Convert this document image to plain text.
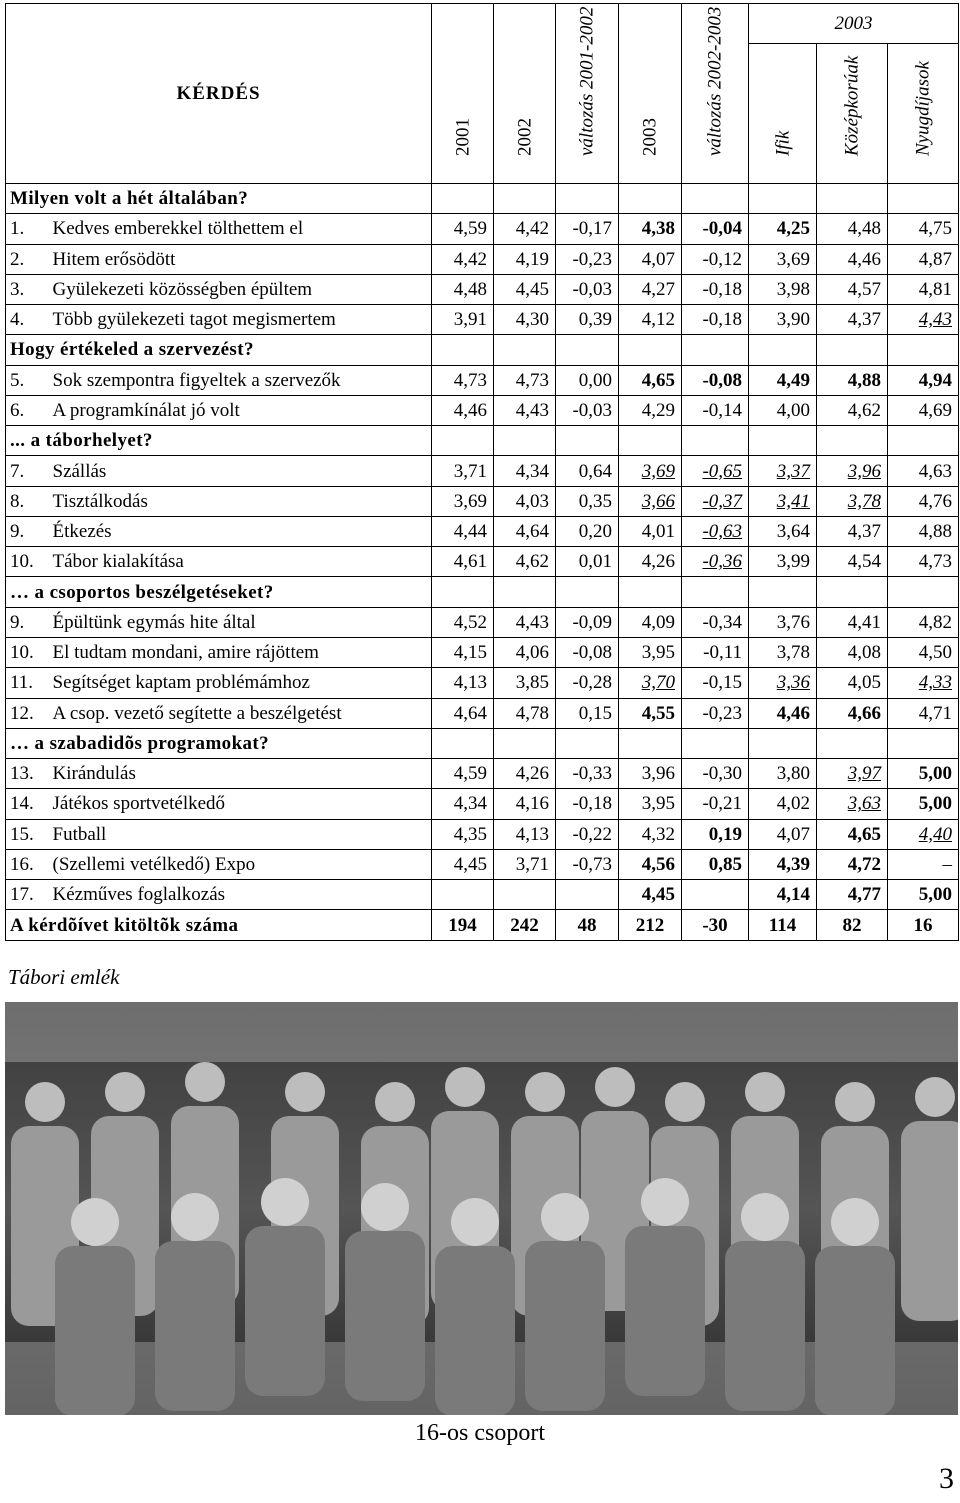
KÉRDÉS		2001	2002	változás 2001-2002	2003	változás 2002-2003	2003		

							Ifik	Középkorúak	Nyugdíjasok

Milyen volt a hét általában?									
1.	Kedves emberekkel tölthettem el	4,59	4,42	-0,17	4,38	-0,04	4,25	4,48	4,75
2.	Hitem erősödött	4,42	4,19	-0,23	4,07	-0,12	3,69	4,46	4,87
3.	Gyülekezeti közösségben épültem	4,48	4,45	-0,03	4,27	-0,18	3,98	4,57	4,81
4.	Több gyülekezeti tagot megismertem	3,91	4,30	0,39	4,12	-0,18	3,90	4,37	4,43
Hogy értékeled a szervezést?									
5.	Sok szempontra figyeltek a szervezők	4,73	4,73	0,00	4,65	-0,08	4,49	4,88	4,94
6.	A programkínálat jó volt	4,46	4,43	-0,03	4,29	-0,14	4,00	4,62	4,69
... a táborhelyet?									
7.	Szállás	3,71	4,34	0,64	3,69	-0,65	3,37	3,96	4,63
8.	Tisztálkodás	3,69	4,03	0,35	3,66	-0,37	3,41	3,78	4,76
9.	Étkezés	4,44	4,64	0,20	4,01	-0,63	3,64	4,37	4,88
10.	Tábor kialakítása	4,61	4,62	0,01	4,26	-0,36	3,99	4,54	4,73
… a csoportos beszélgetéseket?									
9.	Épültünk egymás hite által	4,52	4,43	-0,09	4,09	-0,34	3,76	4,41	4,82
10.	El tudtam mondani, amire rájöttem	4,15	4,06	-0,08	3,95	-0,11	3,78	4,08	4,50
11.	Segítséget kaptam problémámhoz	4,13	3,85	-0,28	3,70	-0,15	3,36	4,05	4,33
12.	A csop. vezető segítette a beszélgetést	4,64	4,78	0,15	4,55	-0,23	4,46	4,66	4,71
… a szabadidõs programokat?									
13.	Kirándulás	4,59	4,26	-0,33	3,96	-0,30	3,80	3,97	5,00
14.	Játékos sportvetélkedő	4,34	4,16	-0,18	3,95	-0,21	4,02	3,63	5,00
15.	Futball	4,35	4,13	-0,22	4,32	0,19	4,07	4,65	4,40
16.	(Szellemi vetélkedő) Expo	4,45	3,71	-0,73	4,56	0,85	4,39	4,72	–
17.	Kézműves foglalkozás				4,45		4,14	4,77	5,00
A kérdõívet kitöltõk száma		194	242	48	212	-30	114	82	16
Tábori emlék
16-os csoport
3
